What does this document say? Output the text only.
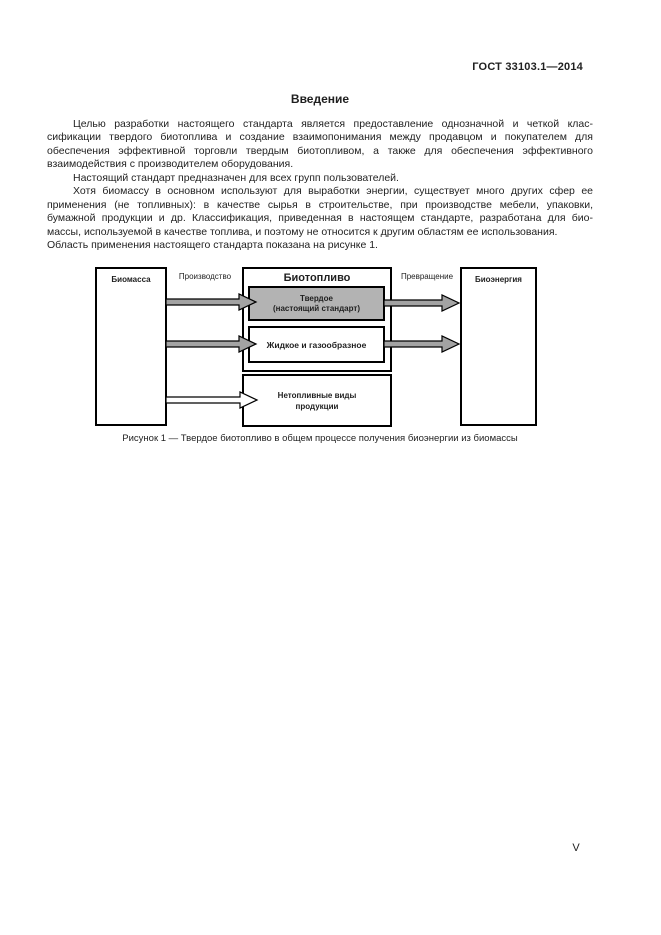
ГОСТ 33103.1—2014
Введение
Целью разработки настоящего стандарта является предоставление однозначной и четкой клас-
сификации твердого биотоплива и создание взаимопонимания между продавцом и покупателем для
обеспечения эффективной торговли твердым биотопливом, а также для обеспечения эффективного
взаимодействия с производителем оборудования.
Настоящий стандарт предназначен для всех групп пользователей.
Хотя биомассу в основном используют для выработки энергии, существует много других сфер ее
применения (не топливных): в качестве сырья в строительстве, при производстве мебели, упаковки,
бумажной продукции и др. Классификация, приведенная в настоящем стандарте, разработана для био-
массы, используемой в качестве топлива, и поэтому не относится к другим областям ее использования.
Область применения настоящего стандарта показана на рисунке 1.
Биомасса	Производство	Биотопливо
Твердое
(настоящий стандарт)
Жидкое и газообразное
Нетопливные виды
продукции
Превращение	Биоэнергия
Рисунок 1 — Твердое биотопливо в общем процессе получения биоэнергии из биомассы
V
